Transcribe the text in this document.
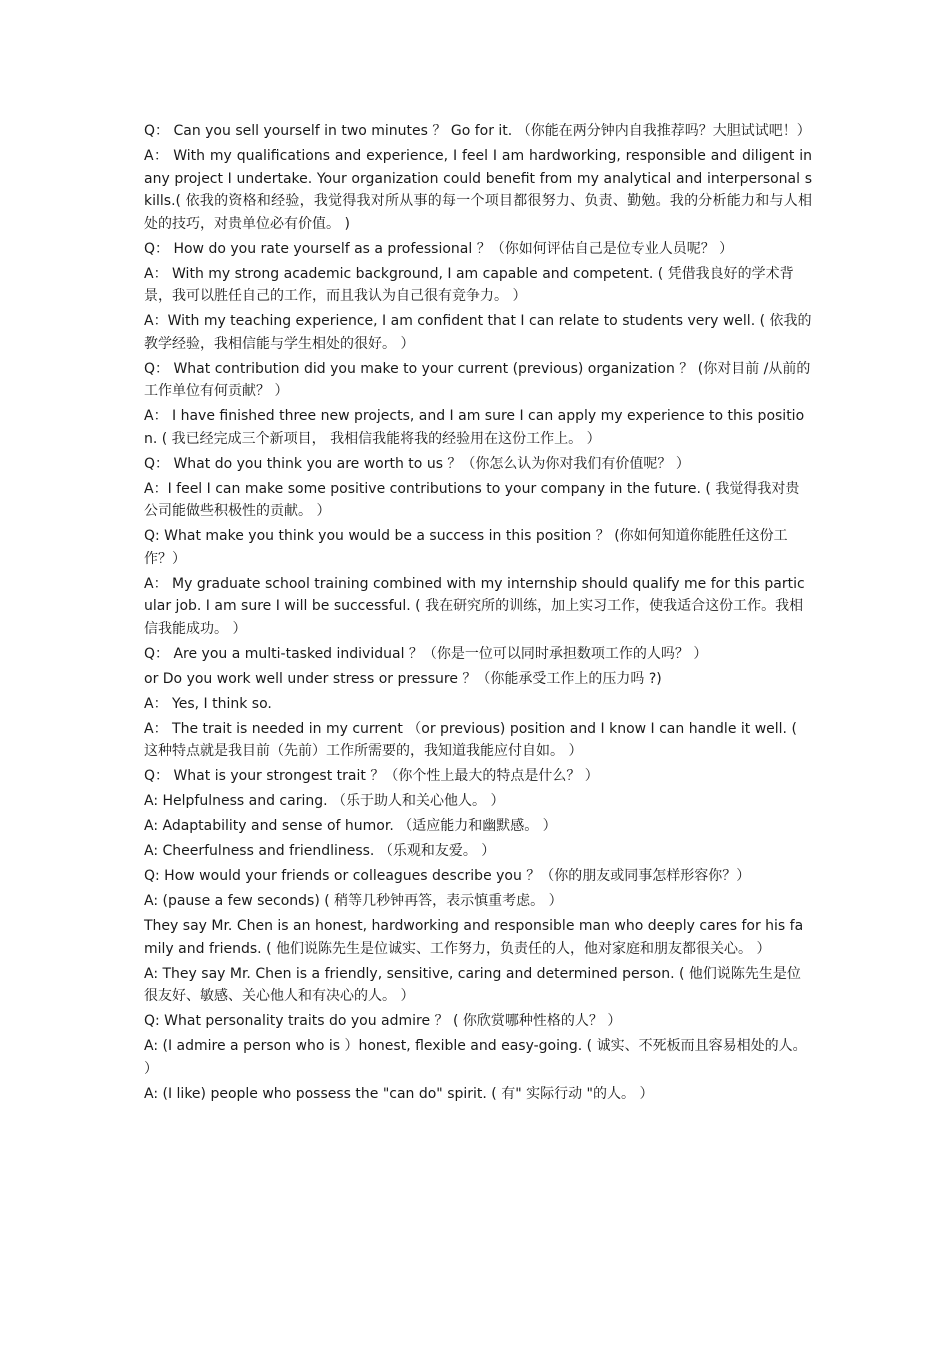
Q： Can you sell yourself in two minutes ？ Go for it. （你能在两分钟内自我推荐吗？大胆试试吧！）

A： With my qualifications and experience, I feel I am hardworking, responsible and diligent in any project I undertake. Your organization could benefit from my analytical and interpersonal skills.( 依我的资格和经验，我觉得我对所从事的每一个项目都很努力、负责、勤勉。我的分析能力和与人相处的技巧，对贵单位必有价值。 )

Q： How do you rate yourself as a professional ？（你如何评估自己是位专业人员呢？ ）

A： With my strong academic background, I am capable and competent. ( 凭借我良好的学术背景，我可以胜任自己的工作，而且我认为自己很有竞争力。 ）

A：With my teaching experience, I am confident that I can relate to students very well. ( 依我的教学经验，我相信能与学生相处的很好。 ）

Q： What contribution did you make to your current (previous) organization ？ (你对目前 /从前的工作单位有何贡献？ ）

A： I have finished three new projects, and I am sure I can apply my experience to this position. ( 我已经完成三个新项目， 我相信我能将我的经验用在这份工作上。 ）

Q： What do you think you are worth to us ？（你怎么认为你对我们有价值呢？ ）

A：I feel I can make some positive contributions to your company in the future. ( 我觉得我对贵公司能做些积极性的贡献。 ）

Q: What make you think you would be a success in this position ？ (你如何知道你能胜任这份工作？）

A： My graduate school training combined with my internship should qualify me for this particular job. I am sure I will be successful. ( 我在研究所的训练，加上实习工作，使我适合这份工作。我相信我能成功。 ）

Q： Are you a multi-tasked individual ？（你是一位可以同时承担数项工作的人吗？ ）

or Do you work well under stress or pressure ？（你能承受工作上的压力吗 ?)

A： Yes, I think so.

A： The trait is needed in my current （or previous) position and I know I can handle it well. ( 这种特点就是我目前（先前）工作所需要的，我知道我能应付自如。 ）

Q： What is your strongest trait ？（你个性上最大的特点是什么？ ）

A: Helpfulness and caring. （乐于助人和关心他人。 ）

A: Adaptability and sense of humor. （适应能力和幽默感。 ）

A: Cheerfulness and friendliness. （乐观和友爱。 ）

Q: How would your friends or colleagues describe you ？（你的朋友或同事怎样形容你？）

A: (pause a few seconds) ( 稍等几秒钟再答，表示慎重考虑。 ）

They say Mr. Chen is an honest, hardworking and responsible man who deeply cares for his family and friends. ( 他们说陈先生是位诚实、工作努力，负责任的人，他对家庭和朋友都很关心。 ）

A: They say Mr. Chen is a friendly, sensitive, caring and determined person. ( 他们说陈先生是位很友好、敏感、关心他人和有决心的人。 ）

Q: What personality traits do you admire ？ ( 你欣赏哪种性格的人？ ）

A: (I admire a person who is ）honest, flexible and easy-going. ( 诚实、不死板而且容易相处的人。 ）

A: (I like) people who possess the "can do" spirit. ( 有" 实际行动 "的人。 ）
